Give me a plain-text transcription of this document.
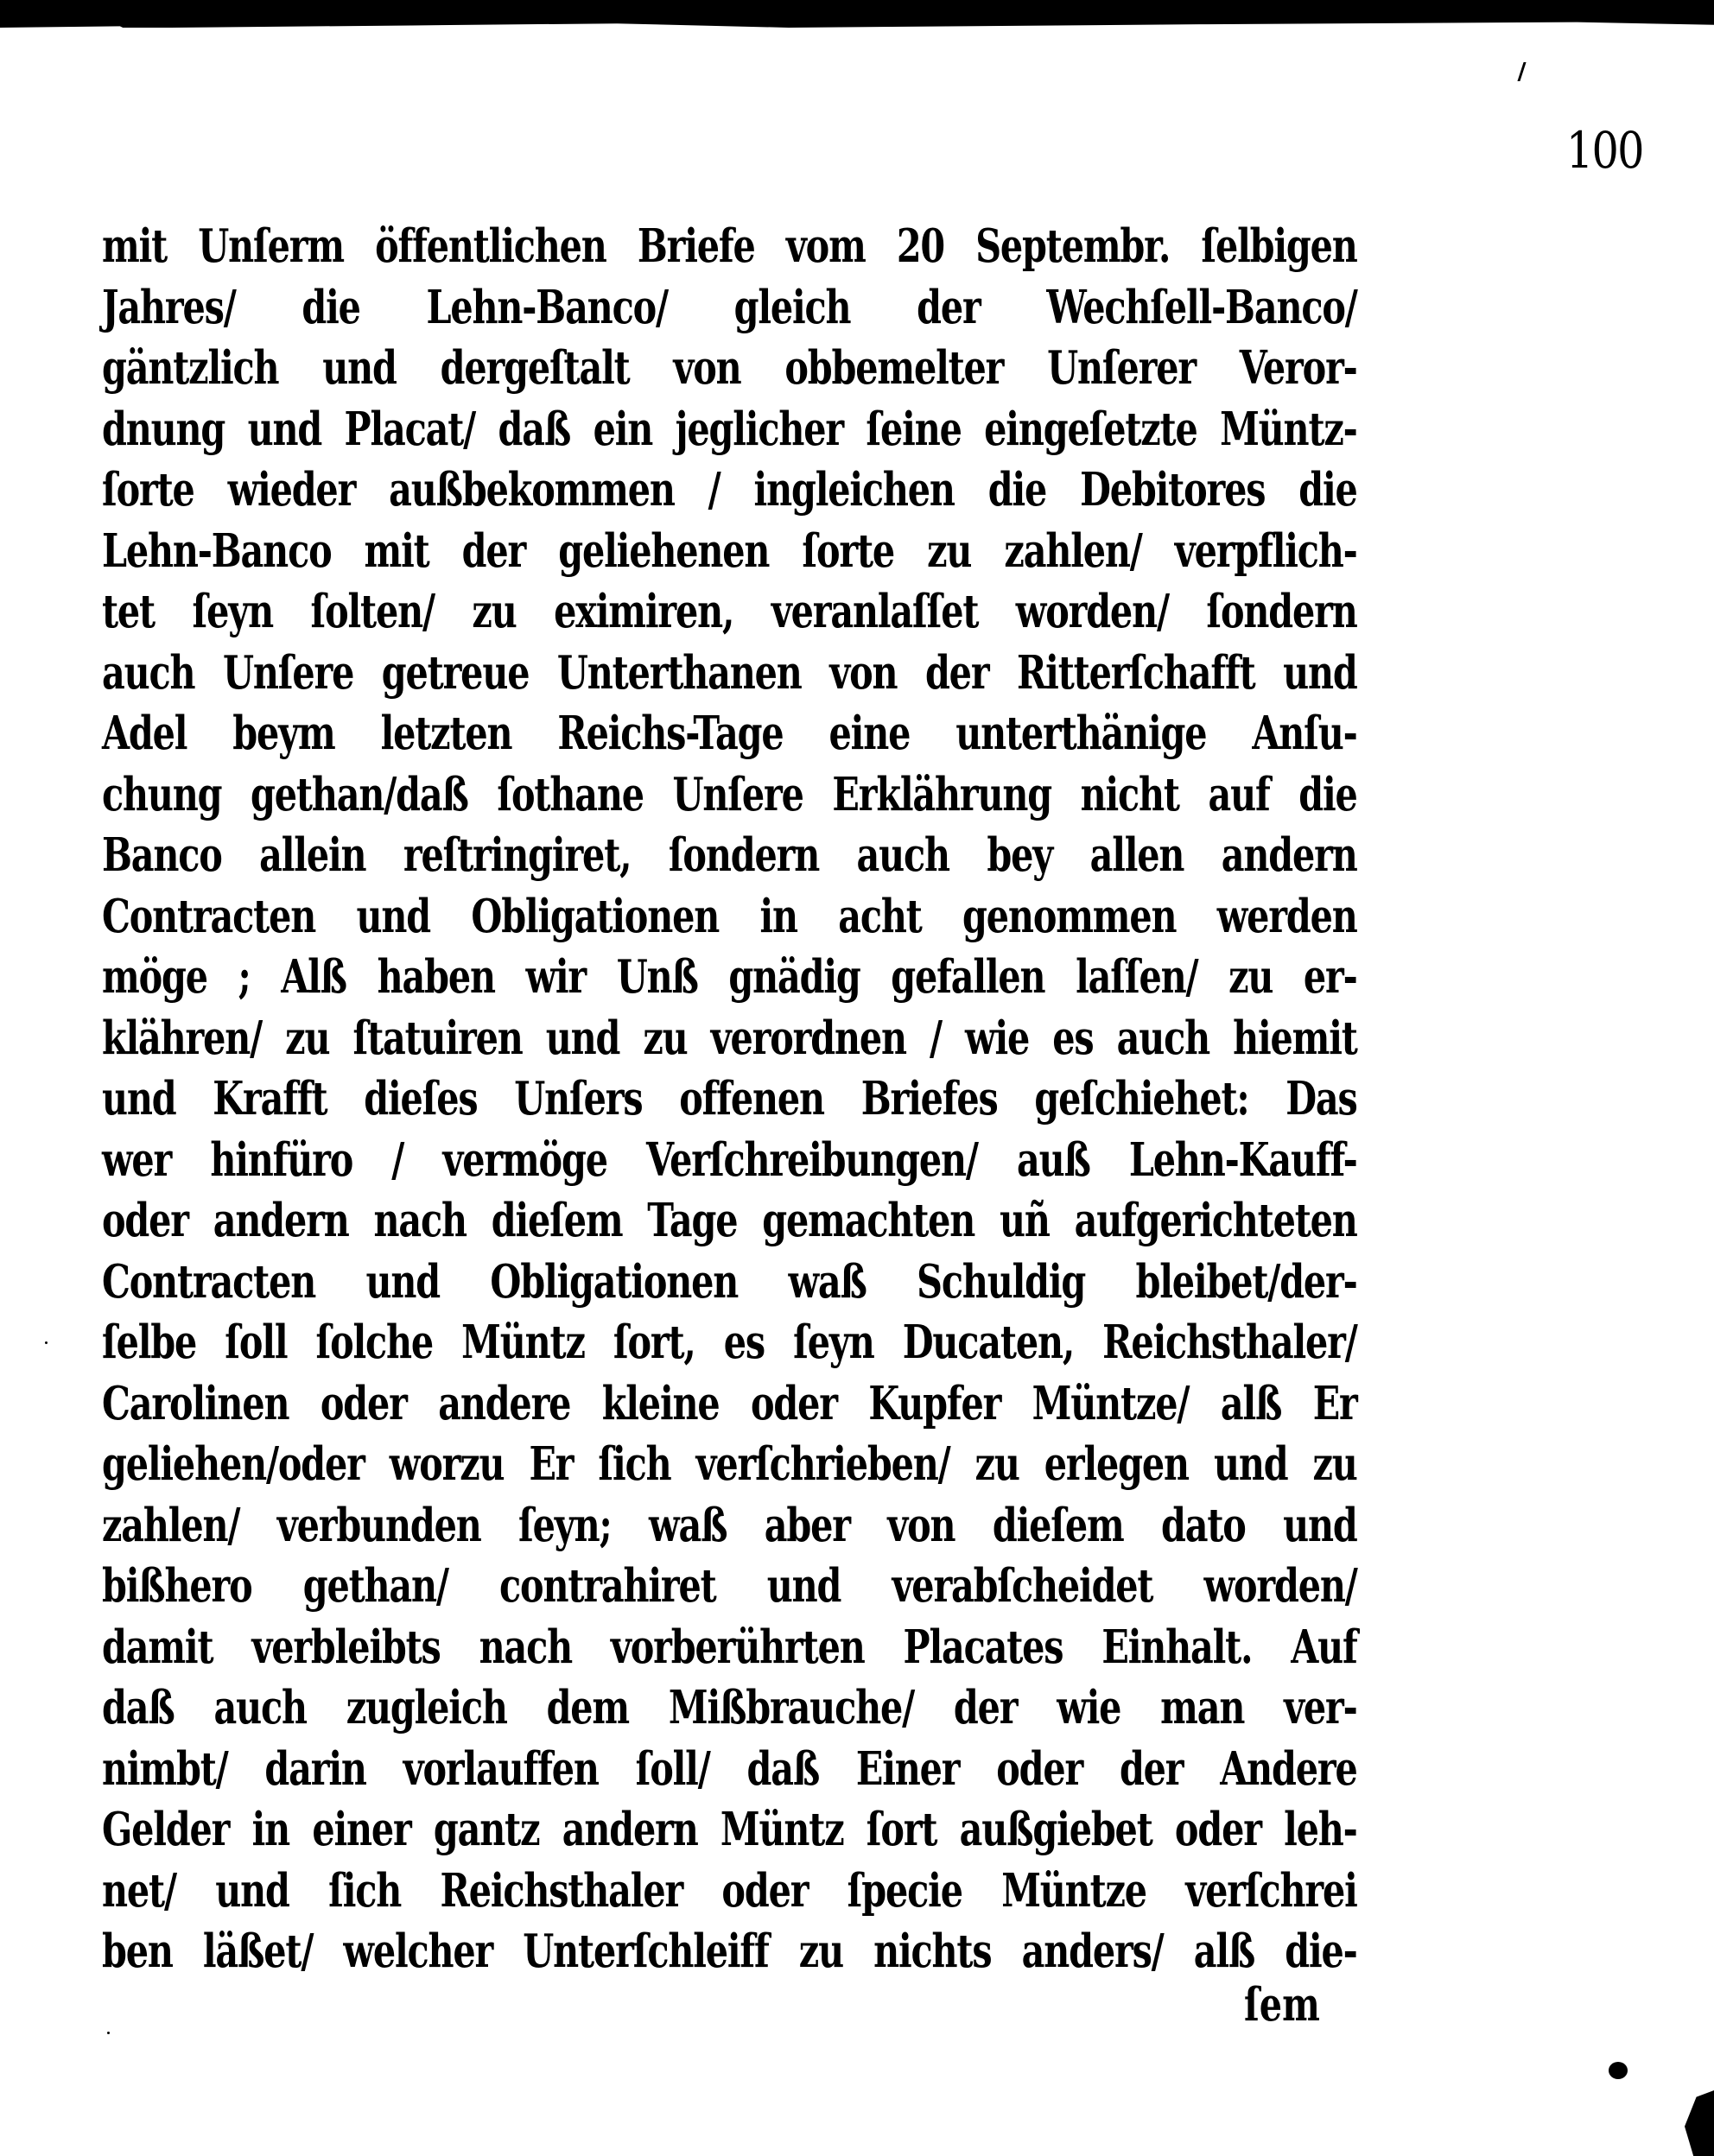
100
mit Unſerm öffentlichen Briefe vom 20 Septembr. ſelbigen
Jahres/ die Lehn-Banco/ gleich der Wechſell-Banco/
gäntzlich und dergeſtalt von obbemelter Unſerer Veror-
dnung und Placat/ daß ein jeglicher ſeine eingeſetzte Müntz-
ſorte wieder außbekommen / ingleichen die Debitores die
Lehn-Banco mit der geliehenen ſorte zu zahlen/ verpflich-
tet ſeyn ſolten/ zu eximiren, veranlaſſet worden/ ſondern
auch Unſere getreue Unterthanen von der Ritterſchafft und
Adel beym letzten Reichs-Tage eine unterthänige Anſu-
chung gethan/daß ſothane Unſere Erklährung nicht auf die
Banco allein reſtringiret, ſondern auch bey allen andern
Contracten und Obligationen in acht genommen werden
möge ; Alß haben wir Unß gnädig gefallen laſſen/ zu er-
klähren/ zu ſtatuiren und zu verordnen / wie es auch hiemit
und Krafft dieſes Unſers offenen Briefes geſchiehet: Das
wer hinfüro / vermöge Verſchreibungen/ auß Lehn-Kauff-
oder andern nach dieſem Tage gemachten uñ aufgerichteten
Contracten und Obligationen waß Schuldig bleibet/der-
ſelbe ſoll ſolche Müntz ſort, es ſeyn Ducaten, Reichsthaler/
Carolinen oder andere kleine oder Kupfer Müntze/ alß Er
geliehen/oder worzu Er ſich verſchrieben/ zu erlegen und zu
zahlen/ verbunden ſeyn; waß aber von dieſem dato und
bißhero gethan/ contrahiret und verabſcheidet worden/
damit verbleibts nach vorberührten Placates Einhalt. Auf
daß auch zugleich dem Mißbrauche/ der wie man ver-
nimbt/ darin vorlauffen ſoll/ daß Einer oder der Andere
Gelder in einer gantz andern Müntz ſort außgiebet oder leh-
net/ und ſich Reichsthaler oder ſpecie Müntze verſchrei
ben läßet/ welcher Unterſchleiff zu nichts anders/ alß die-
ſem
